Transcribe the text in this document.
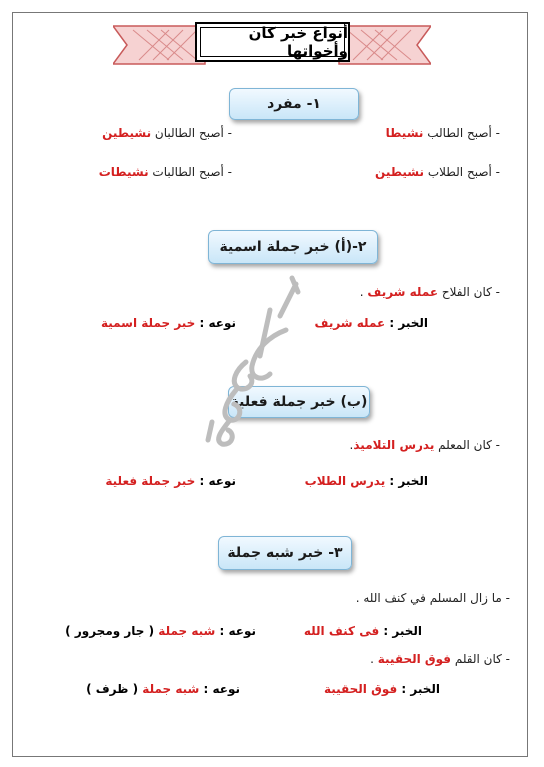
أنواع خبر كان وأخواتها
١- مفرد
- أصبح الطالب نشيطا
- أصبح الطالبان نشيطين
- أصبح الطلاب نشيطين
- أصبح الطالبات نشيطات
٢-(أ) خبر جملة اسمية
- كان الفلاح عمله شريف .
الخبر : عمله شريف
نوعه : خبر جملة اسمية
(ب) خبر جملة فعلية
- كان المعلم يدرس التلاميذ.
الخبر : يدرس الطلاب
نوعه : خبر جملة فعلية
٣- خبر شبه جملة
- ما زال المسلم في كنف الله .
الخبر : فى كنف الله
نوعه : شبه جملة ( جار ومجرور )
- كان القلم فوق الحقيبة .
الخبر : فوق الحقيبة
نوعه : شبه جملة ( ظرف )
